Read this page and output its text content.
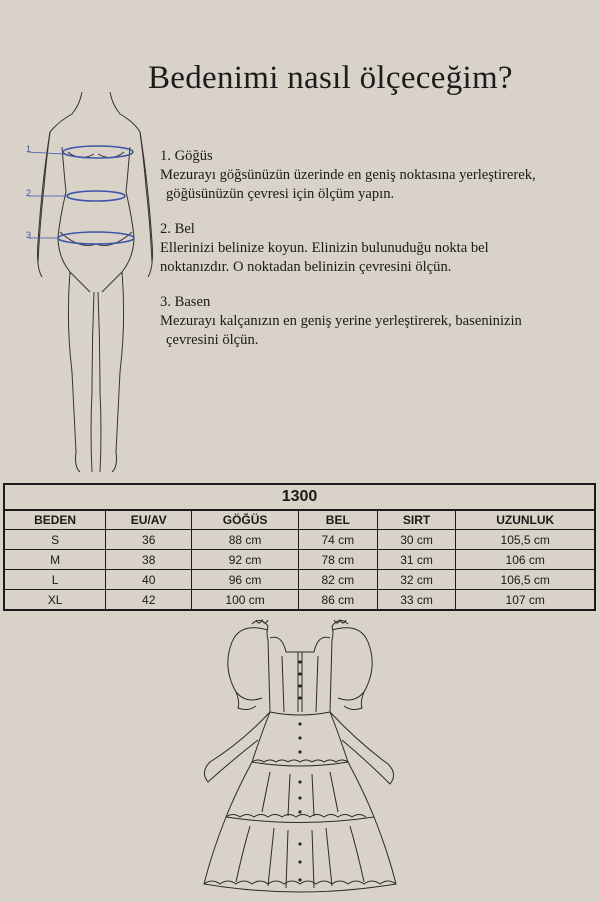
Bedenimi nasıl ölçeceğim?
1
2
3
1. Göğüs
Mezurayı göğsünüzün üzerinde en geniş noktasına yerleştirerek,
göğüsünüzün çevresi için ölçüm yapın.
2. Bel
Ellerinizi belinize koyun. Elinizin bulunuduğu nokta bel
noktanızdır. O noktadan belinizin çevresini ölçün.
3. Basen
Mezurayı kalçanızın en geniş yerine yerleştirerek, baseninizin
çevresini ölçün.
1300					
BEDEN	EU/AV	GÖĞÜS	BEL	SIRT	UZUNLUK
S	36	88 cm	74 cm	30 cm	105,5 cm
M	38	92 cm	78 cm	31 cm	106 cm
L	40	96 cm	82 cm	32 cm	106,5 cm
XL	42	100 cm	86 cm	33 cm	107 cm
